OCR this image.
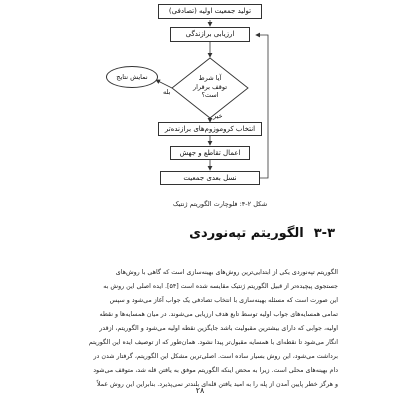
تولید جمعیت اولیه (تصادفی)
ارزیابی برازندگی
آیا شرط
توقف برقرار
است؟
بله
خیر
نمایش نتایج
انتخاب کروموزوم‌های برازنده‌تر
اعمال تقاطع و جهش
نسل بعدی جمعیت
شکل ۲-۴: فلوچارت الگوریتم ژنتیک
۳-۳
الگوریتم تپه‌نوردی
الگوریتم تپه‌نوردی یکی از ابتدایی‌ترین روش‌های بهینه‌سازی است که گاهی با روش‌های
جستجوی پیچیده‌تر از قبیل الگوریتم ژنتیک مقایسه شده است [۵۴]. ایده اصلی این روش به
این صورت است که مسئله بهینه‌سازی با انتخاب تصادفی یک جواب آغاز می‌شود و سپس
تمامی همسایه‌های جواب اولیه توسط تابع هدف ارزیابی می‌شوند. در میان همسایه‌ها و نقطه
اولیه، جوابی که دارای بیشترین مقبولیت باشد جایگزین نقطه اولیه می‌شود و الگوریتم، ازقدر
انگار می‌شود تا نقطه‌ای با همسایه مقبول‌تر پیدا نشود. همان‌طور که از توصیف ایده این الگوریتم
برداشت می‌شود، این روش بسیار ساده است. اصلی‌ترین مشکل این الگوریتم، گرفتار شدن در
دام بهینه‌های محلی است. زیرا به محض اینکه الگوریتم موفق به یافتن قله شد، متوقف می‌شود
و هرگز خطر پایین آمدن از پله را به امید یافتن قله‌ای بلندتر نمی‌پذیرد. بنابراین این روش عملاً
۲۸
